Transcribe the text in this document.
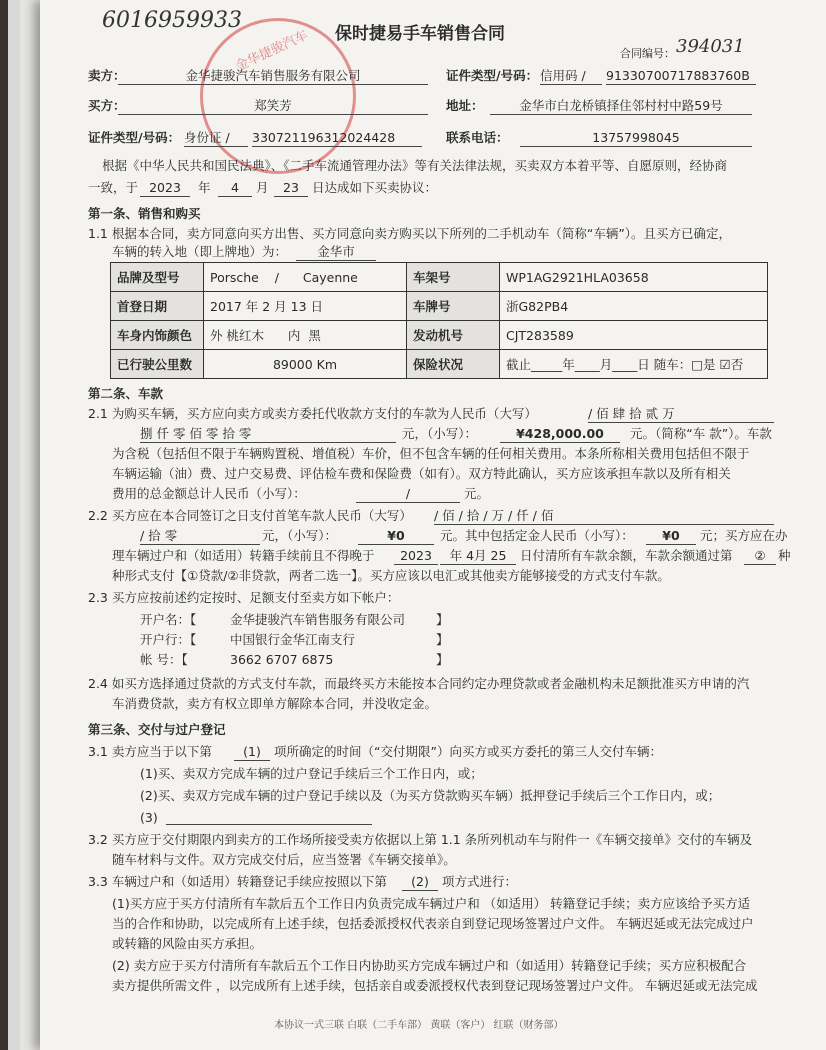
金华捷骏汽车
6016959933
保时捷易手车销售合同
合同编号： 394031
卖方：	金华捷骏汽车销售服务有限公司	证件类型/号码： 信用码 /	91330700717883760B
买方：	郑笑芳	地址：	金华市白龙桥镇择住邻村村中路59号
证件类型/号码： 身份证 /	330721196312024428	联系电话：	13757998045
根据《中华人民共和国民法典》、《二手车流通管理办法》等有关法律法规，买卖双方本着平等、自愿原则，经协商
一致，于 2023	年	4	月	23	日达成如下买卖协议：
第一条、销售和购买
1.1 根据本合同，卖方同意向买方出售、买方同意向卖方购买以下所列的二手机动车（简称“车辆”）。且买方已确定，
车辆的转入地（即上牌地）为：	金华市
品牌及型号	Porsche / Cayenne	车架号	WP1AG2921HLA03658
首登日期	2017 年 2 月 13 日	车牌号	浙G82PB4
车身内饰颜色	外 桃红木 内 黑	发动机号	CJT283589
已行驶公里数	89000 Km	保险状况	截止_____年____月____日 随车：□是 ☑否
第二条、车款
2.1 为购买车辆，买方应向卖方或卖方委托代收款方支付的车款为人民币（大写）	/ 佰 肆 拾 贰 万
捌 仟 零 佰 零 拾 零	元，（小写）：	¥428,000.00	元。（简称“车 款”）。车款
为含税（包括但不限于车辆购置税、增值税）车价，但不包含车辆的任何相关费用。本条所称相关费用包括但不限于
车辆运输（油）费、过户交易费、评估检车费和保险费（如有）。双方特此确认，买方应该承担车款以及所有相关
费用的总金额总计人民币（小写）：	/	元。
2.2 买方应在本合同签订之日支付首笔车款人民币（大写） / 佰 / 拾 / 万 / 仟 / 佰
/ 拾 零	元，（小写）：	¥0	元。其中包括定金人民币（小写）：	¥0	元；买方应在办
理车辆过户和（如适用）转籍手续前且不得晚于	2023	年 4月 25	日付清所有车款余额，车款余额通过第	② 种
种形式支付【①贷款/②非贷款，两者二选一】。买方应该以电汇或其他卖方能够接受的方式支付车款。
2.3 买方应按前述约定按时、足额支付至卖方如下帐户：
开户名：【	金华捷骏汽车销售服务有限公司 】
开户行：【	中国银行金华江南支行	】
帐 号：【	3662 6707 6875	】
2.4 如买方选择通过贷款的方式支付车款，而最终买方未能按本合同约定办理贷款或者金融机构未足额批准买方申请的汽
车消费贷款，卖方有权立即单方解除本合同，并没收定金。
第三条、交付与过户登记
3.1 卖方应当于以下第	(1)	项所确定的时间（“交付期限”）向买方或买方委托的第三人交付车辆：
(1)买、卖双方完成车辆的过户登记手续后三个工作日内，或；
(2)买、卖双方完成车辆的过户登记手续以及（为买方贷款购买车辆）抵押登记手续后三个工作日内，或；
(3)
3.2 买方应于交付期限内到卖方的工作场所接受卖方依据以上第 1.1 条所列机动车与附件一《车辆交接单》交付的车辆及
随车材料与文件。双方完成交付后，应当签署《车辆交接单》。
3.3 车辆过户和（如适用）转籍登记手续应按照以下第	(2)	项方式进行：
(1)买方应于买方付清所有车款后五个工作日内负责完成车辆过户和 （如适用） 转籍登记手续；卖方应该给予买方适
当的合作和协助，以完成所有上述手续，包括委派授权代表亲自到登记现场签署过户文件。 车辆迟延或无法完成过户
或转籍的风险由买方承担。
(2) 卖方应于买方付清所有车款后五个工作日内协助买方完成车辆过户和（如适用）转籍登记手续；买方应积极配合
卖方提供所需文件 ，以完成所有上述手续，包括亲自或委派授权代表到登记现场签署过户文件。 车辆迟延或无法完成
本协议一式三联 白联（二手车部） 黄联（客户） 红联（财务部）
